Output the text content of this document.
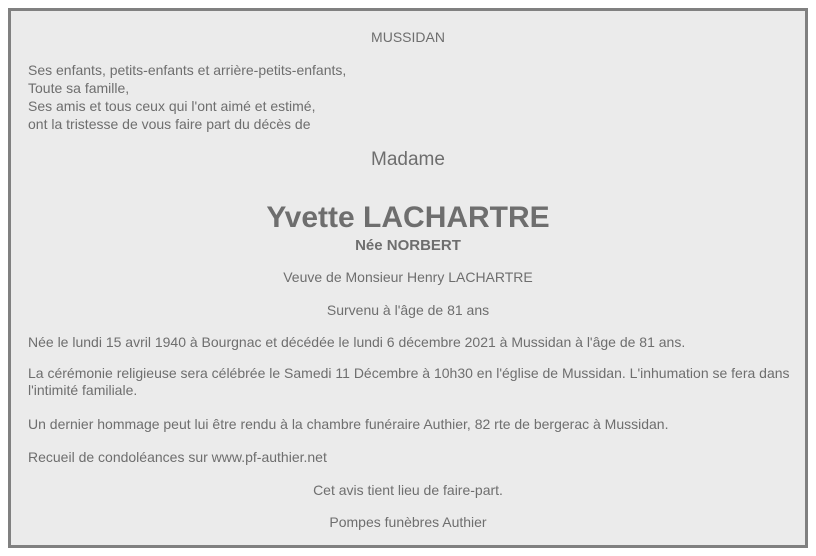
MUSSIDAN
Ses enfants, petits-enfants et arrière-petits-enfants,
Toute sa famille,
Ses amis et tous ceux qui l'ont aimé et estimé,
ont la tristesse de vous faire part du décès de
Madame
Yvette LACHARTRE
Née NORBERT
Veuve de Monsieur Henry LACHARTRE
Survenu à l'âge de 81 ans
Née le lundi 15 avril 1940 à Bourgnac et décédée le lundi 6 décembre 2021 à Mussidan à l'âge de 81 ans.
La cérémonie religieuse sera célébrée le Samedi 11 Décembre à 10h30 en l'église de Mussidan. L'inhumation se fera dans l'intimité familiale.
Un dernier hommage peut lui être rendu à la chambre funéraire Authier, 82 rte de bergerac à Mussidan.
Recueil de condoléances sur www.pf-authier.net
Cet avis tient lieu de faire-part.
Pompes funèbres Authier
